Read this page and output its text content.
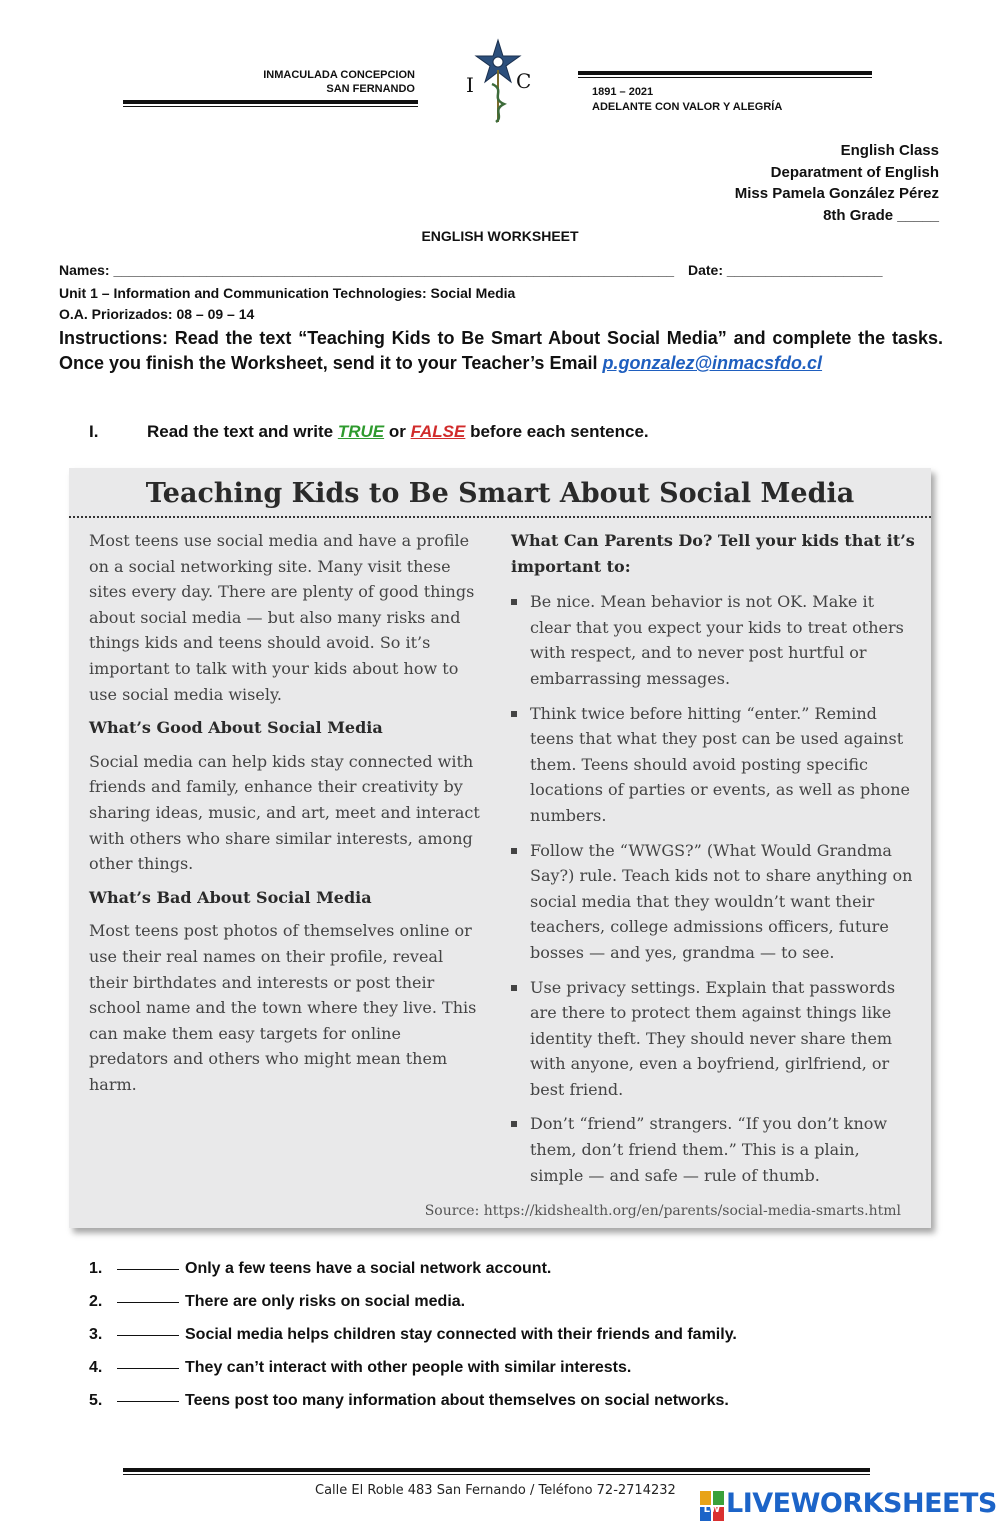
INMACULADA CONCEPCION
SAN FERNANDO	I C	1891 – 2021
ADELANTE CON VALOR Y ALEGRÍA
English Class
Deparatment of English
Miss Pamela González Pérez
8th Grade _____
ENGLISH WORKSHEET
Names: ________________________________________________________________________ Date: ____________________
Unit 1 – Information and Communication Technologies: Social Media
O.A. Priorizados: 08 – 09 – 14
Instructions: Read the text “Teaching Kids to Be Smart About Social Media” and complete the tasks. Once you finish the Worksheet, send it to your Teacher’s Email p.gonzalez@inmacsfdo.cl
I.	Read the text and write TRUE or FALSE before each sentence.
Teaching Kids to Be Smart About Social Media

Most teens use social media and have a profile on a social networking site. Many visit these sites every day. There are plenty of good things about social media — but also many risks and things kids and teens should avoid. So it’s important to talk with your kids about how to use social media wisely.

What’s Good About Social Media

Social media can help kids stay connected with friends and family, enhance their creativity by sharing ideas, music, and art, meet and interact with others who share similar interests, among other things.

What’s Bad About Social Media

Most teens post photos of themselves online or use their real names on their profile, reveal their birthdates and interests or post their school name and the town where they live. This can make them easy targets for online predators and others who might mean them harm.

What Can Parents Do? Tell your kids that it’s important to:

Be nice. Mean behavior is not OK. Make it clear that you expect your kids to treat others with respect, and to never post hurtful or embarrassing messages.
Think twice before hitting “enter.” Remind teens that what they post can be used against them. Teens should avoid posting specific locations of parties or events, as well as phone numbers.
Follow the “WWGS?” (What Would Grandma Say?) rule. Teach kids not to share anything on social media that they wouldn’t want their teachers, college admissions officers, future bosses — and yes, grandma — to see.
Use privacy settings. Explain that passwords are there to protect them against things like identity theft. They should never share them with anyone, even a boyfriend, girlfriend, or best friend.
Don’t “friend” strangers. “If you don’t know them, don’t friend them.” This is a plain, simple — and safe — rule of thumb.
Source: https://kidshealth.org/en/parents/social-media-smarts.html
1.	Only a few teens have a social network account.
2.	There are only risks on social media.
3.	Social media helps children stay connected with their friends and family.
4.	They can’t interact with other people with similar interests.
5.	Teens post too many information about themselves on social networks.
Calle El Roble 483 San Fernando / Teléfono 72-2714232
LW LIVEWORKSHEETS
